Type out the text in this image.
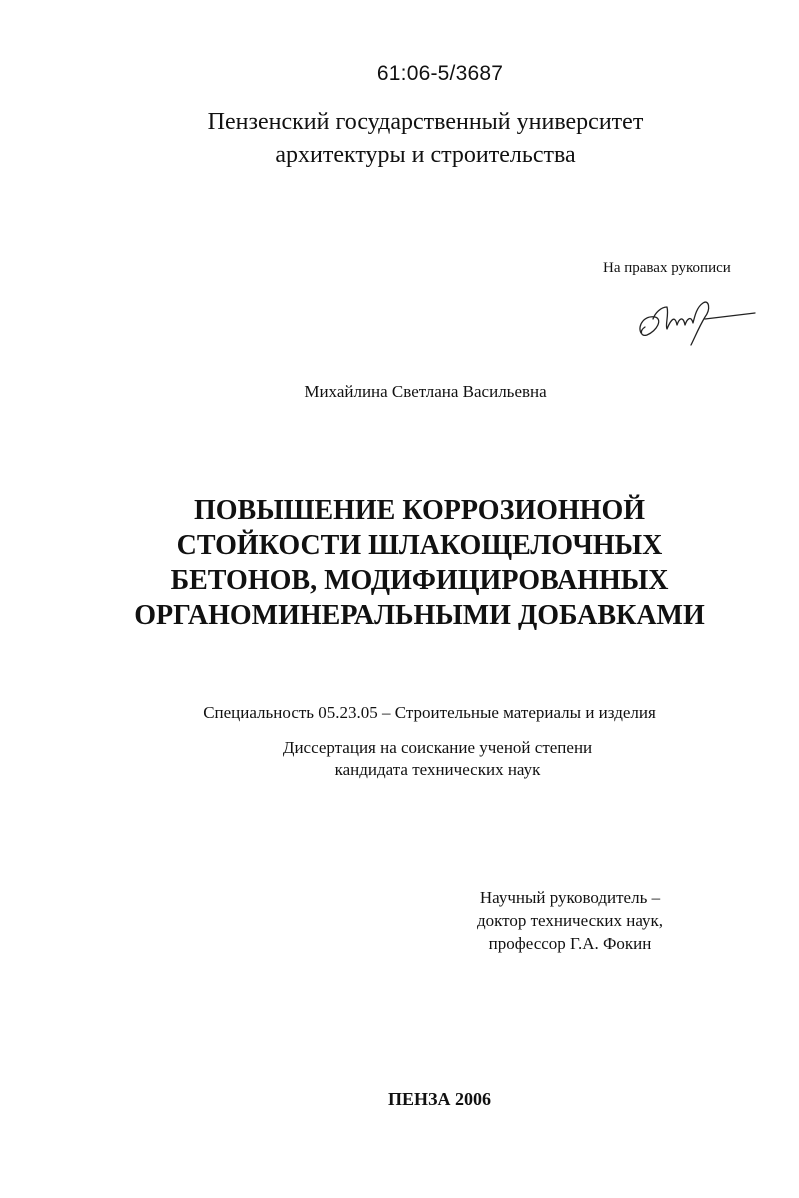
61:06-5/3687
Пензенский государственный университет
архитектуры и строительства
На правах рукописи
Михайлина Светлана Васильевна
ПОВЫШЕНИЕ КОРРОЗИОННОЙ
СТОЙКОСТИ ШЛАКОЩЕЛОЧНЫХ
БЕТОНОВ, МОДИФИЦИРОВАННЫХ
ОРГАНОМИНЕРАЛЬНЫМИ ДОБАВКАМИ
Специальность 05.23.05 – Строительные материалы и изделия
Диссертация на соискание ученой степени
кандидата технических наук
Научный руководитель –
доктор технических наук,
профессор Г.А. Фокин
ПЕНЗА 2006
